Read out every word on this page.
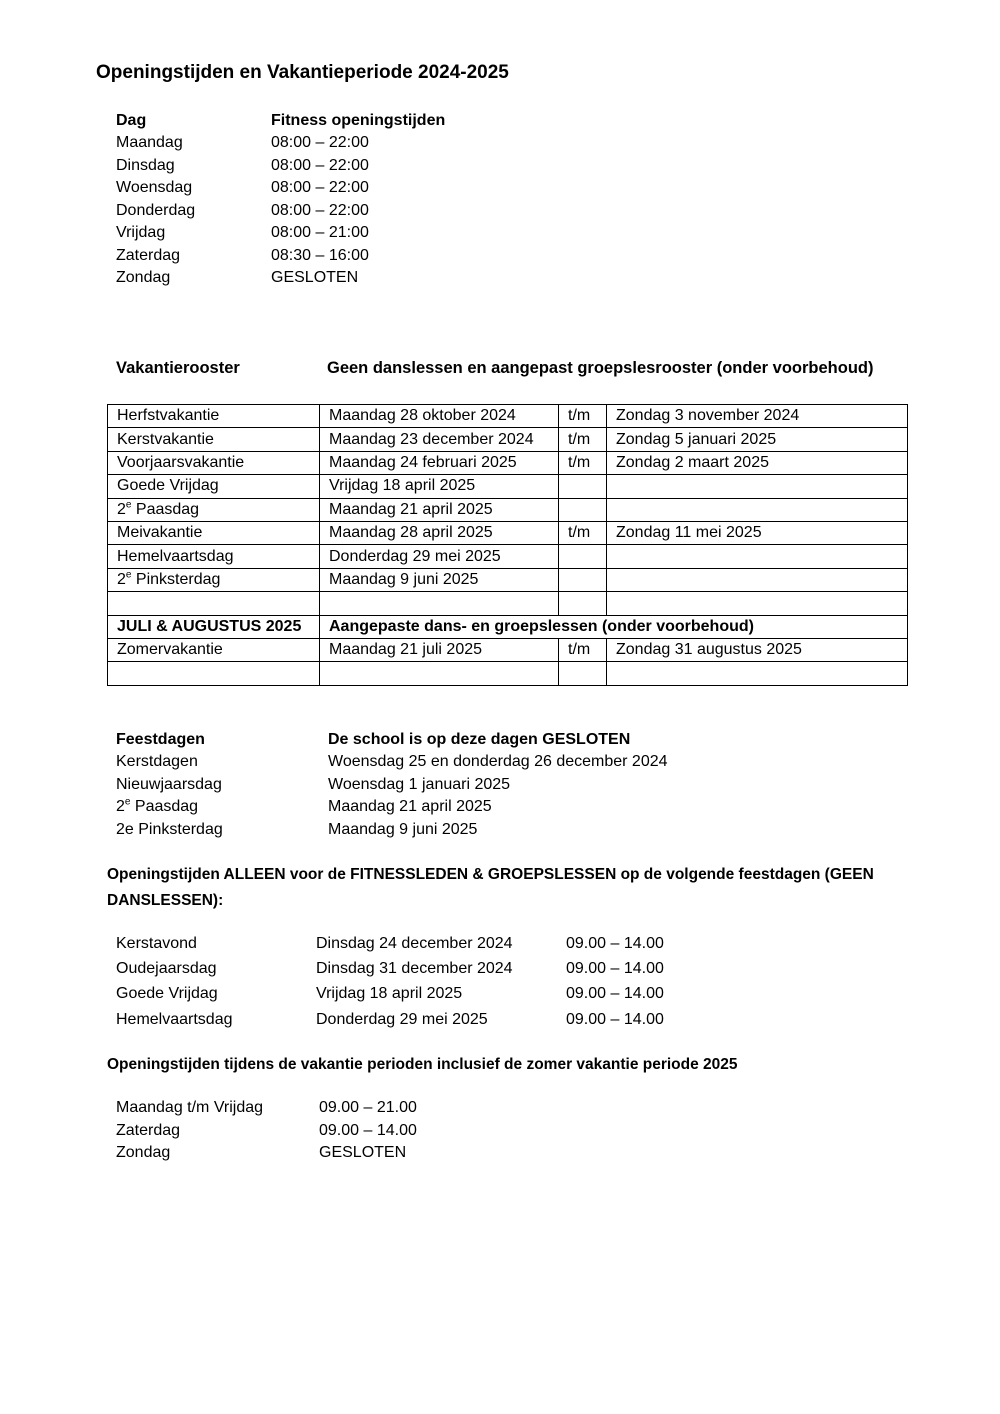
Openingstijden en Vakantieperiode 2024-2025
Dag	Fitness openingstijden
Maandag	08:00 – 22:00
Dinsdag	08:00 – 22:00
Woensdag	08:00 – 22:00
Donderdag	08:00 – 22:00
Vrijdag	08:00 – 21:00
Zaterdag	08:30 – 16:00
Zondag	GESLOTEN
Vakantierooster	Geen danslessen en aangepast groepslesrooster (onder voorbehoud)
Herfstvakantie	Maandag 28 oktober 2024	t/m	Zondag 3 november 2024
Kerstvakantie	Maandag 23 december 2024	t/m	Zondag 5 januari 2025
Voorjaarsvakantie	Maandag 24 februari 2025	t/m	Zondag 2 maart 2025
Goede Vrijdag	Vrijdag 18 april 2025		
2e Paasdag	Maandag 21 april 2025		
Meivakantie	Maandag 28 april 2025	t/m	Zondag 11 mei 2025
Hemelvaartsdag	Donderdag 29 mei 2025		
2e Pinksterdag	Maandag 9 juni 2025		

JULI & AUGUSTUS 2025	Aangepaste dans- en groepslessen (onder voorbehoud)		
Zomervakantie	Maandag 21 juli 2025	t/m	Zondag 31 augustus 2025

Feestdagen	De school is op deze dagen GESLOTEN
Kerstdagen	Woensdag 25 en donderdag 26 december 2024
Nieuwjaarsdag	Woensdag 1 januari 2025
2e Paasdag	Maandag 21 april 2025
2e Pinksterdag	Maandag 9 juni 2025
Openingstijden ALLEEN voor de FITNESSLEDEN & GROEPSLESSEN op de volgende feestdagen (GEEN
DANSLESSEN):
Kerstavond	Dinsdag 24 december 2024	09.00 – 14.00
Oudejaarsdag	Dinsdag 31 december 2024	09.00 – 14.00
Goede Vrijdag	Vrijdag 18 april 2025	09.00 – 14.00
Hemelvaartsdag	Donderdag 29 mei 2025	09.00 – 14.00
Openingstijden tijdens de vakantie perioden inclusief de zomer vakantie periode 2025
Maandag t/m Vrijdag	09.00 – 21.00
Zaterdag	09.00 – 14.00
Zondag	GESLOTEN
